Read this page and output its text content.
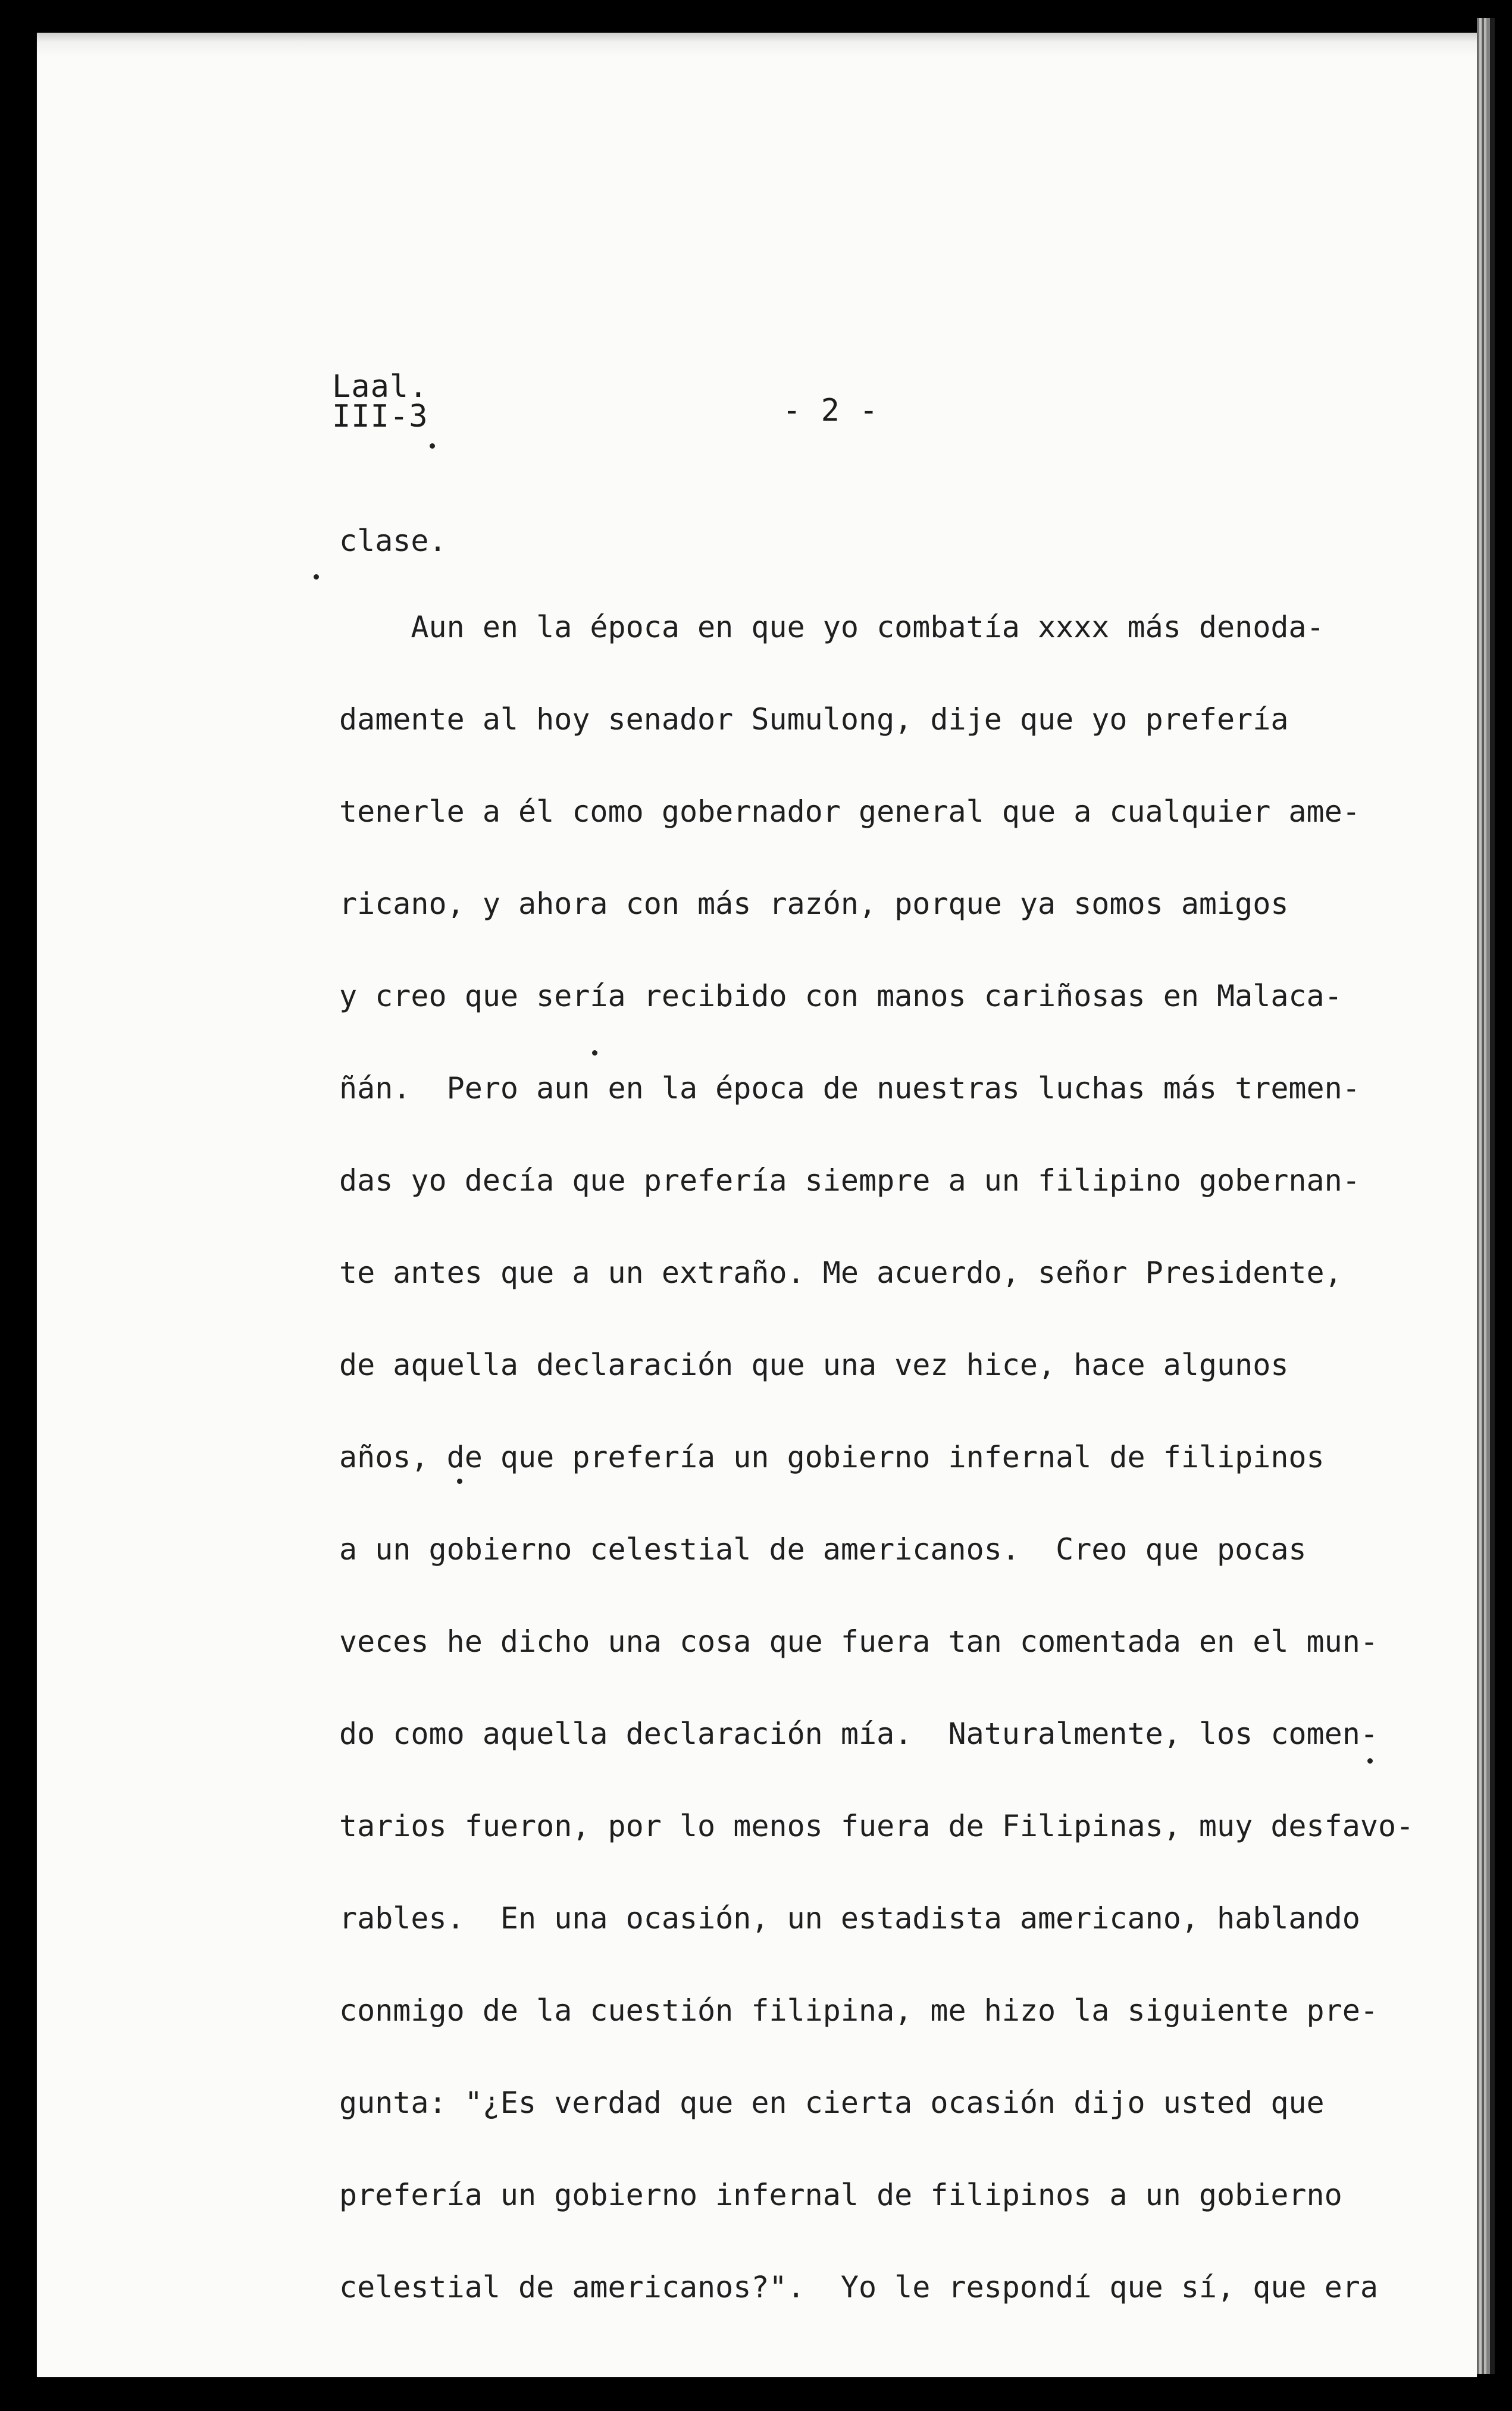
Laal.
III-3	- 2 -
clase.
Aun en la época en que yo combatía xxxx más denoda-
damente al hoy senador Sumulong, dije que yo prefería
tenerle a él como gobernador general que a cualquier ame-
ricano, y ahora con más razón, porque ya somos amigos
y creo que sería recibido con manos cariñosas en Malaca-
ñán.  Pero aun en la época de nuestras luchas más tremen-
das yo decía que prefería siempre a un filipino gobernan-
te antes que a un extraño. Me acuerdo, señor Presidente,
de aquella declaración que una vez hice, hace algunos
años, de que prefería un gobierno infernal de filipinos
a un gobierno celestial de americanos.  Creo que pocas
veces he dicho una cosa que fuera tan comentada en el mun-
do como aquella declaración mía.  Naturalmente, los comen-
tarios fueron, por lo menos fuera de Filipinas, muy desfavo-
rables.  En una ocasión, un estadista americano, hablando
conmigo de la cuestión filipina, me hizo la siguiente pre-
gunta: "¿Es verdad que en cierta ocasión dijo usted que
prefería un gobierno infernal de filipinos a un gobierno
celestial de americanos?".  Yo le respondí que sí, que era
